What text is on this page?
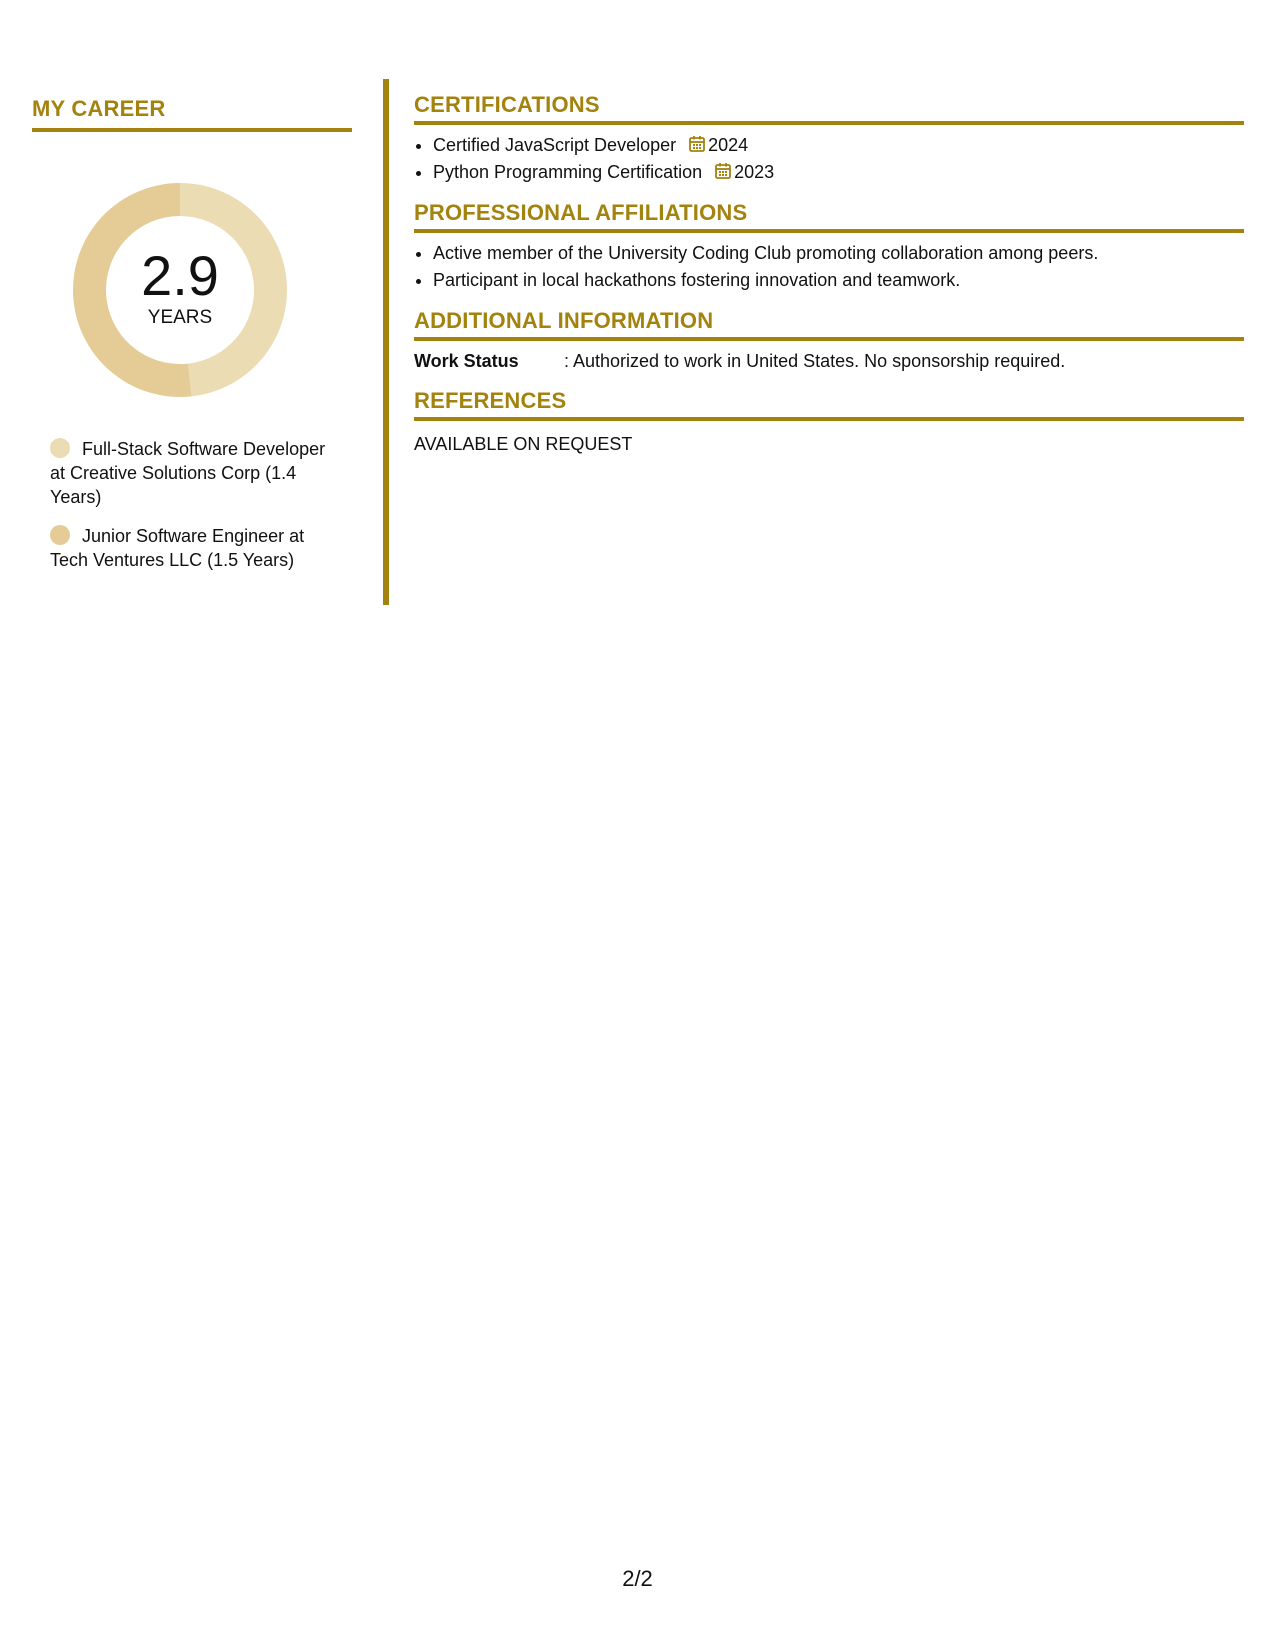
MY CAREER
2.9
YEARS
Full-Stack Software Developer at Creative Solutions Corp (1.4 Years)
Junior Software Engineer at Tech Ventures LLC (1.5 Years)
CERTIFICATIONS
• Certified JavaScript Developer 2024
• Python Programming Certification 2023
PROFESSIONAL AFFILIATIONS
• Active member of the University Coding Club promoting collaboration among peers.
• Participant in local hackathons fostering innovation and teamwork.
ADDITIONAL INFORMATION
Work Status	: Authorized to work in United States. No sponsorship required.
REFERENCES
AVAILABLE ON REQUEST
2/2
